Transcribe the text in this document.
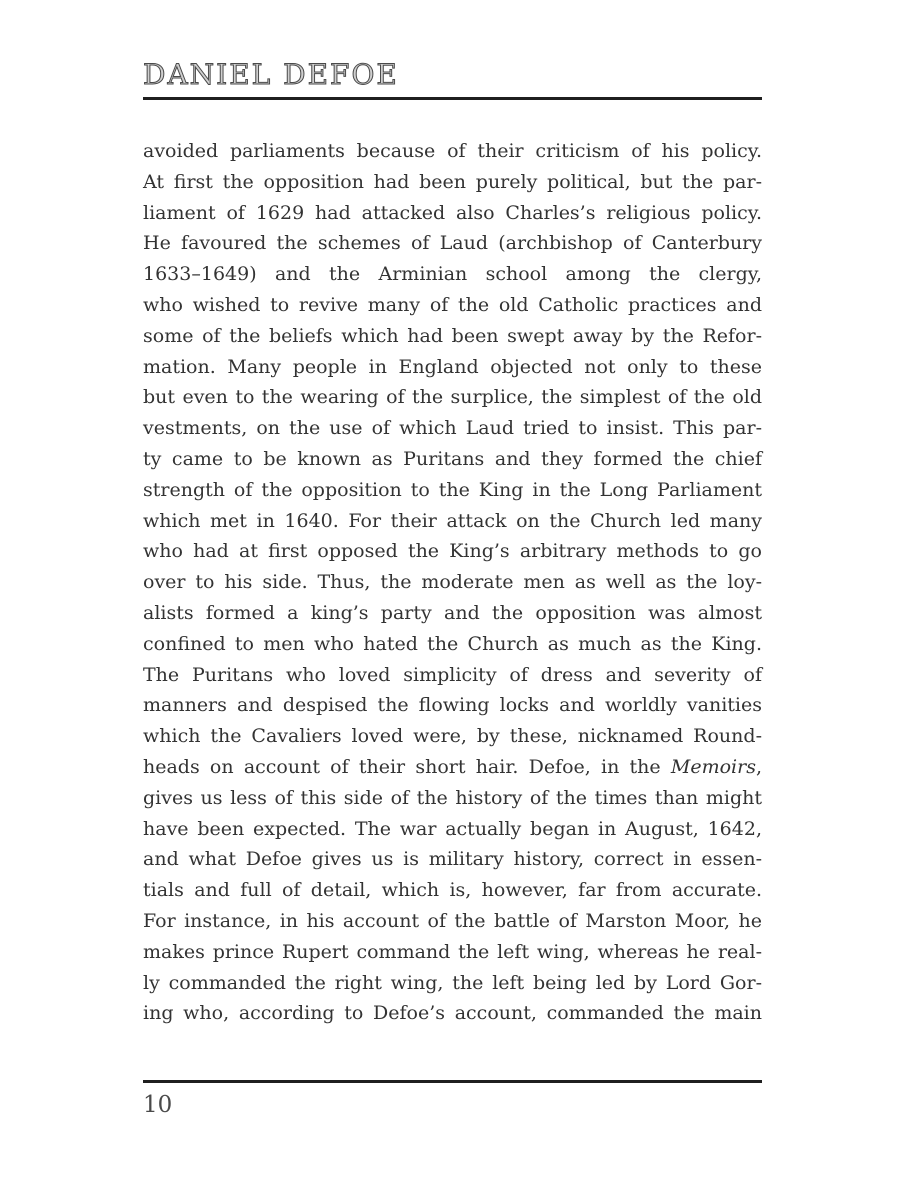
DANIEL DEFOE
avoided parliaments because of their criticism of his policy.
At first the opposition had been purely political, but the par-
liament of 1629 had attacked also Charles’s religious policy.
He favoured the schemes of Laud (archbishop of Canterbury
1633–1649) and the Arminian school among the clergy,
who wished to revive many of the old Catholic practices and
some of the beliefs which had been swept away by the Refor-
mation. Many people in England objected not only to these
but even to the wearing of the surplice, the simplest of the old
vestments, on the use of which Laud tried to insist. This par-
ty came to be known as Puritans and they formed the chief
strength of the opposition to the King in the Long Parliament
which met in 1640. For their attack on the Church led many
who had at first opposed the King’s arbitrary methods to go
over to his side. Thus, the moderate men as well as the loy-
alists formed a king’s party and the opposition was almost
confined to men who hated the Church as much as the King.
The Puritans who loved simplicity of dress and severity of
manners and despised the flowing locks and worldly vanities
which the Cavaliers loved were, by these, nicknamed Round-
heads on account of their short hair. Defoe, in the Memoirs,
gives us less of this side of the history of the times than might
have been expected. The war actually began in August, 1642,
and what Defoe gives us is military history, correct in essen-
tials and full of detail, which is, however, far from accurate.
For instance, in his account of the battle of Marston Moor, he
makes prince Rupert command the left wing, whereas he real-
ly commanded the right wing, the left being led by Lord Gor-
ing who, according to Defoe’s account, commanded the main
10
